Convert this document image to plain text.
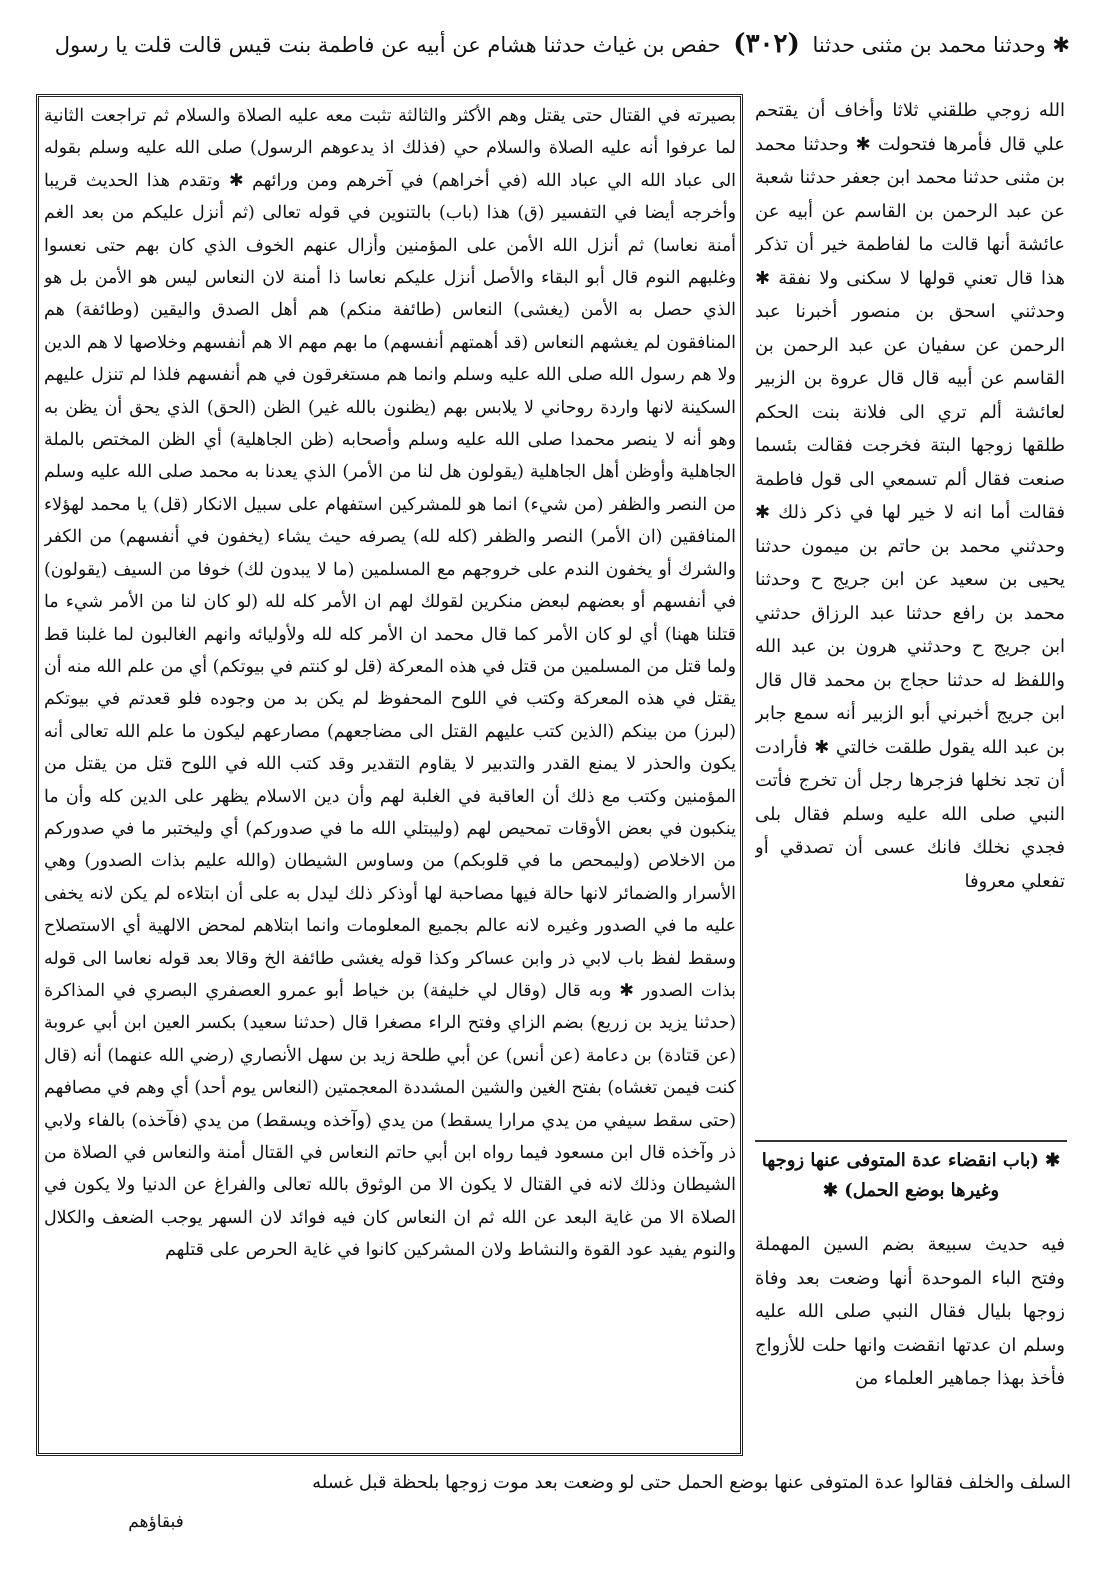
✱ وحدثنا محمد بن مثنى حدثنا (٣٠٢) حفص بن غياث حدثنا هشام عن أبيه عن فاطمة بنت قيس قالت قلت يا رسول

الله زوجي طلقني ثلاثا وأخاف أن يقتحم علي قال فأمرها فتحولت ✱ وحدثنا محمد بن مثنى حدثنا محمد ابن جعفر حدثنا شعبة عن عبد الرحمن بن القاسم عن أبيه عن عائشة أنها قالت ما لفاطمة خير أن تذكر هذا قال تعني قولها لا سكنى ولا نفقة ✱ وحدثني اسحق بن منصور أخبرنا عبد الرحمن عن سفيان عن عبد الرحمن بن القاسم عن أبيه قال قال عروة بن الزبير لعائشة ألم تري الى فلانة بنت الحكم طلقها زوجها البتة فخرجت فقالت بئسما صنعت فقال ألم تسمعي الى قول فاطمة فقالت أما انه لا خير لها في ذكر ذلك ✱ وحدثني محمد بن حاتم بن ميمون حدثنا يحيى بن سعيد عن ابن جريج ح وحدثنا محمد بن رافع حدثنا عبد الرزاق حدثني ابن جريج ح وحدثني هرون بن عبد الله واللفظ له حدثنا حجاج بن محمد قال قال ابن جريج أخبرني أبو الزبير أنه سمع جابر بن عبد الله يقول طلقت خالتي ✱ فأرادت أن تجد نخلها فزجرها رجل أن تخرج فأتت النبي صلى الله عليه وسلم فقال بلى فجدي نخلك فانك عسى أن تصدقي أو تفعلي معروفا

✱ (باب انقضاء عدة المتوفى عنها زوجها وغيرها بوضع الحمل) ✱

فيه حديث سبيعة بضم السين المهملة وفتح الباء الموحدة أنها وضعت بعد وفاة زوجها بليال فقال النبي صلى الله عليه وسلم ان عدتها انقضت وانها حلت للأزواج فأخذ بهذا جماهير العلماء من

بصيرته في القتال حتى يقتل وهم الأكثر والثالثة تثبت معه عليه الصلاة والسلام ثم تراجعت الثانية لما عرفوا أنه عليه الصلاة والسلام حي (فذلك اذ يدعوهم الرسول) صلى الله عليه وسلم بقوله الى عباد الله الي عباد الله (في أخراهم) في آخرهم ومن ورائهم ✱ وتقدم هذا الحديث قريبا وأخرجه أيضا في التفسير (ق) هذا (باب) بالتنوين في قوله تعالى (ثم أنزل عليكم من بعد الغم أمنة نعاسا) ثم أنزل الله الأمن على المؤمنين وأزال عنهم الخوف الذي كان بهم حتى نعسوا وغلبهم النوم قال أبو البقاء والأصل أنزل عليكم نعاسا ذا أمنة لان النعاس ليس هو الأمن بل هو الذي حصل به الأمن (يغشى) النعاس (طائفة منكم) هم أهل الصدق واليقين (وطائفة) هم المنافقون لم يغشهم النعاس (قد أهمتهم أنفسهم) ما بهم مهم الا هم أنفسهم وخلاصها لا هم الدين ولا هم رسول الله صلى الله عليه وسلم وانما هم مستغرقون في هم أنفسهم فلذا لم تنزل عليهم السكينة لانها واردة روحاني لا يلابس بهم (يظنون بالله غير) الظن (الحق) الذي يحق أن يظن به وهو أنه لا ينصر محمدا صلى الله عليه وسلم وأصحابه (ظن الجاهلية) أي الظن المختص بالملة الجاهلية وأوظن أهل الجاهلية (يقولون هل لنا من الأمر) الذي يعدنا به محمد صلى الله عليه وسلم من النصر والظفر (من شيء) انما هو للمشركين استفهام على سبيل الانكار (قل) يا محمد لهؤلاء المنافقين (ان الأمر) النصر والظفر (كله لله) يصرفه حيث يشاء (يخفون في أنفسهم) من الكفر والشرك أو يخفون الندم على خروجهم مع المسلمين (ما لا يبدون لك) خوفا من السيف (يقولون) في أنفسهم أو بعضهم لبعض منكرين لقولك لهم ان الأمر كله لله (لو كان لنا من الأمر شيء ما قتلنا ههنا) أي لو كان الأمر كما قال محمد ان الأمر كله لله ولأوليائه وانهم الغالبون لما غلبنا قط ولما قتل من المسلمين من قتل في هذه المعركة (قل لو كنتم في بيوتكم) أي من علم الله منه أن يقتل في هذه المعركة وكتب في اللوح المحفوظ لم يكن بد من وجوده فلو قعدتم في بيوتكم (لبرز) من بينكم (الذين كتب عليهم القتل الى مضاجعهم) مصارعهم ليكون ما علم الله تعالى أنه يكون والحذر لا يمنع القدر والتدبير لا يقاوم التقدير وقد كتب الله في اللوح قتل من يقتل من المؤمنين وكتب مع ذلك أن العاقبة في الغلبة لهم وأن دين الاسلام يظهر على الدين كله وأن ما ينكبون في بعض الأوقات تمحيص لهم (وليبتلي الله ما في صدوركم) أي وليختبر ما في صدوركم من الاخلاص (وليمحص ما في قلوبكم) من وساوس الشيطان (والله عليم بذات الصدور) وهي الأسرار والضمائر لانها حالة فيها مصاحبة لها أوذكر ذلك ليدل به على أن ابتلاءه لم يكن لانه يخفى عليه ما في الصدور وغيره لانه عالم بجميع المعلومات وانما ابتلاهم لمحض الالهية أي الاستصلاح وسقط لفظ باب لابي ذر وابن عساكر وكذا قوله يغشى طائفة الخ وقالا بعد قوله نعاسا الى قوله بذات الصدور ✱ وبه قال (وقال لي خليفة) بن خياط أبو عمرو العصفري البصري في المذاكرة (حدثنا يزيد بن زريع) بضم الزاي وفتح الراء مصغرا قال (حدثنا سعيد) بكسر العين ابن أبي عروبة (عن قتادة) بن دعامة (عن أنس) عن أبي طلحة زيد بن سهل الأنصاري (رضي الله عنهما) أنه (قال كنت فيمن تغشاه) بفتح الغين والشين المشددة المعجمتين (النعاس يوم أحد) أي وهم في مصافهم (حتى سقط سيفي من يدي مرارا يسقط) من يدي (وآخذه ويسقط) من يدي (فآخذه) بالفاء ولابي ذر وآخذه قال ابن مسعود فيما رواه ابن أبي حاتم النعاس في القتال أمنة والنعاس في الصلاة من الشيطان وذلك لانه في القتال لا يكون الا من الوثوق بالله تعالى والفراغ عن الدنيا ولا يكون في الصلاة الا من غاية البعد عن الله ثم ان النعاس كان فيه فوائد لان السهر يوجب الضعف والكلال والنوم يفيد عود القوة والنشاط ولان المشركين كانوا في غاية الحرص على قتلهم

السلف والخلف فقالوا عدة المتوفى عنها بوضع الحمل حتى لو وضعت بعد موت زوجها بلحظة قبل غسله
فبقاؤهم
